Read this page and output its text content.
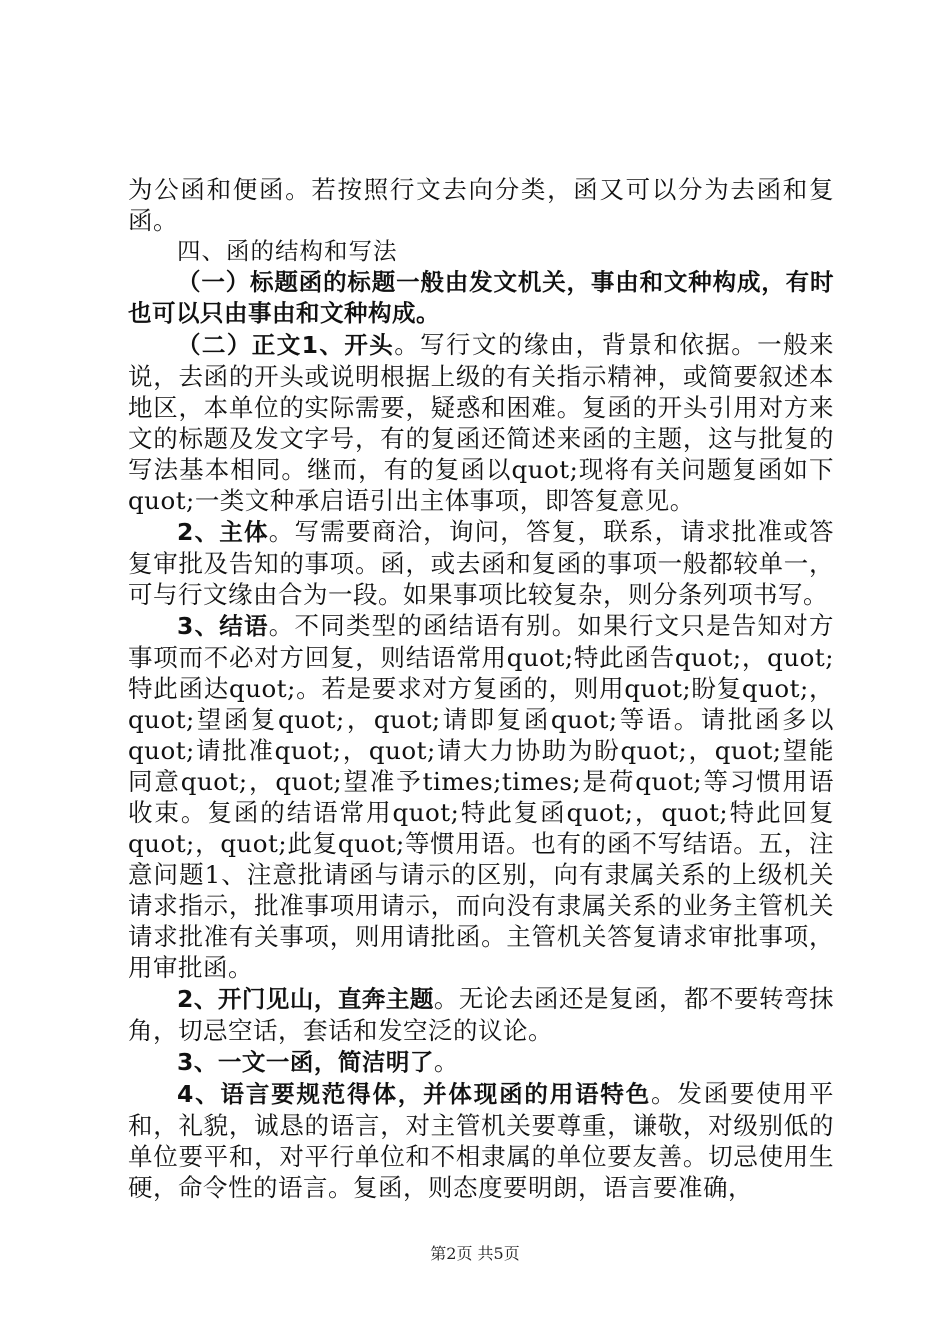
为公函和便函。若按照行文去向分类，函又可以分为去函和复函。

四、函的结构和写法

（一）标题函的标题一般由发文机关，事由和文种构成，有时也可以只由事由和文种构成。

（二）正文1、开头。写行文的缘由，背景和依据。一般来说，去函的开头或说明根据上级的有关指示精神，或简要叙述本地区，本单位的实际需要，疑惑和困难。复函的开头引用对方来文的标题及发文字号，有的复函还简述来函的主题，这与批复的写法基本相同。继而，有的复函以quot;现将有关问题复函如下quot;一类文种承启语引出主体事项，即答复意见。

2、主体。写需要商洽，询问，答复，联系，请求批准或答复审批及告知的事项。函，或去函和复函的事项一般都较单一，可与行文缘由合为一段。如果事项比较复杂，则分条列项书写。

3、结语。不同类型的函结语有别。如果行文只是告知对方事项而不必对方回复，则结语常用quot;特此函告quot;，quot;特此函达quot;。若是要求对方复函的，则用quot;盼复quot;，quot;望函复quot;，quot;请即复函quot;等语。请批函多以quot;请批准quot;，quot;请大力协助为盼quot;，quot;望能同意quot;，quot;望准予times;times;是荷quot;等习惯用语收束。复函的结语常用quot;特此复函quot;，quot;特此回复quot;，quot;此复quot;等惯用语。也有的函不写结语。五，注意问题1、注意批请函与请示的区别，向有隶属关系的上级机关请求指示，批准事项用请示，而向没有隶属关系的业务主管机关请求批准有关事项，则用请批函。主管机关答复请求审批事项，用审批函。

2、开门见山，直奔主题。无论去函还是复函，都不要转弯抹角，切忌空话，套话和发空泛的议论。

3、一文一函，简洁明了。

4、语言要规范得体，并体现函的用语特色。发函要使用平和，礼貌，诚恳的语言，对主管机关要尊重，谦敬，对级别低的单位要平和，对平行单位和不相隶属的单位要友善。切忌使用生硬，命令性的语言。复函，则态度要明朗，语言要准确，

第2页 共5页
